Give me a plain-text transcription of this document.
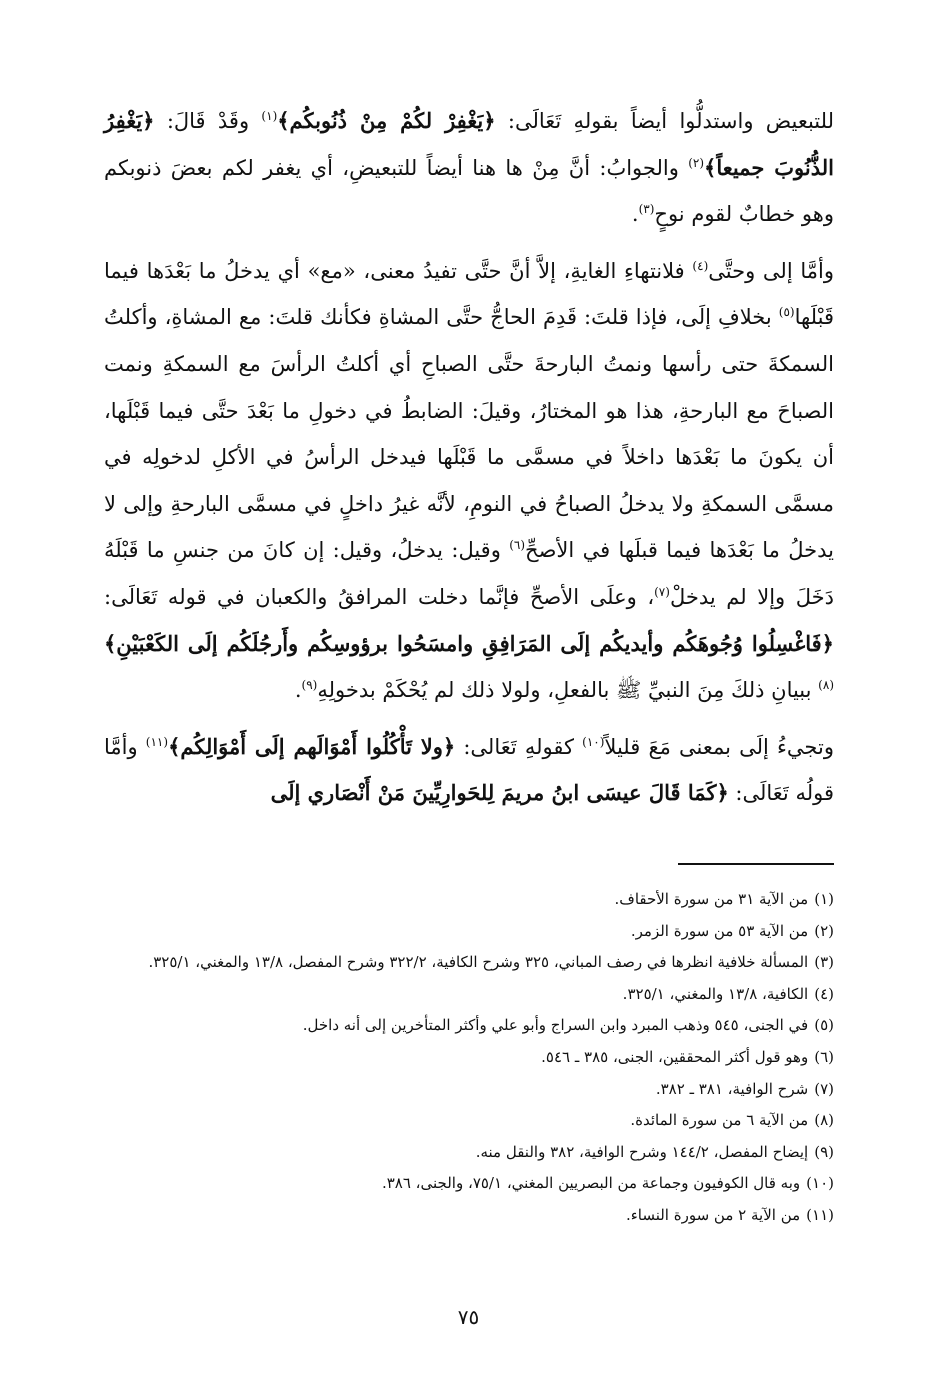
للتبعيض واستدلُّوا أيضاً بقولهِ تَعَالَى: ﴿يَغْفِرْ لكُمْ مِنْ ذُنُوبكُم﴾$^{(١)}$ وقَدْ قَالَ: ﴿يَغْفِرُ الذُّنُوبَ جميعاً﴾$^{(٢)}$ والجوابُ: أنَّ مِنْ ها هنا أيضاً للتبعيضِ، أي يغفر لكم بعضَ ذنوبكم وهو خطابٌ لقوم نوحٍ$^{(٣)}$.

وأمَّا إلى وحتَّى$^{(٤)}$ فلانتهاءِ الغايةِ، إلاَّ أنَّ حتَّى تفيدُ معنى، «مع» أي يدخلُ ما بَعْدَها فيما قَبْلَها$^{(٥)}$ بخلافِ إلَى، فإذا قلتَ: قَدِمَ الحاجُّ حتَّى المشاةِ فكأنك قلتَ: مع المشاةِ، وأكلتُ السمكةَ حتى رأسها ونمتُ البارحةَ حتَّى الصباحِ أي أكلتُ الرأسَ مع السمكةِ ونمت الصباحَ مع البارحةِ، هذا هو المختارُ، وقيلَ: الضابطُ في دخولِ ما بَعْدَ حتَّى فيما قَبْلَها، أن يكونَ ما بَعْدَها داخلاً في مسمَّى ما قَبْلَها فيدخل الرأسُ في الأكلِ لدخولِه في مسمَّى السمكةِ ولا يدخلُ الصباحُ في النومِ، لأنَّه غيرُ داخلٍ في مسمَّى البارحةِ وإلى لا يدخلُ ما بَعْدَها فيما قبلَها في الأصحِّ$^{(٦)}$ وقيل: يدخلُ، وقيل: إن كانَ من جنسِ ما قَبْلَهُ دَخَلَ وإلا لم يدخلْ$^{(٧)}$، وعلَى الأصحِّ فإنَّما دخلت المرافقُ والكعبان في قوله تَعَالَى: ﴿فَاغْسِلُوا وُجُوهَكُم وأيديكُم إلَى المَرَافِقِ وامسَحُوا برؤوسِكُم وأَرجُلَكُم إلَى الكَعْبَيْنِ﴾$^{(٨)}$ ببيانِ ذلكَ مِنَ النبيِّ ﷺ بالفعلِ، ولولا ذلك لم يُحْكَمْ بدخولِهِ$^{(٩)}$.

وتجيءُ إلَى بمعنى مَعَ قليلاً$^{(١٠)}$ كقولهِ تَعَالى: ﴿ولا تَأْكُلُوا أَمْوَالَهم إلَى أَمْوَالِكُم﴾$^{(١١)}$ وأمَّا قولُه تَعَالَى: ﴿كَمَا قَالَ عيسَى ابنُ مريمَ لِلحَوارِيِّينَ مَنْ أَنْصَاري إلَى

(١)
من الآية ٣١ من سورة الأحقاف.
(٢)
من الآية ٥٣ من سورة الزمر.
(٣)
المسألة خلافية انظرها في رصف المباني، ٣٢٥ وشرح الكافية، ٣٢٢/٢ وشرح المفصل، ١٣/٨ والمغني، ٣٢٥/١.
(٤)
الكافية، ١٣/٨ والمغني، ٣٢٥/١.
(٥)
في الجنى، ٥٤٥ وذهب المبرد وابن السراج وأبو علي وأكثر المتأخرين إلى أنه داخل.
(٦)
وهو قول أكثر المحققين، الجنى، ٣٨٥ ـ ٥٤٦.
(٧)
شرح الوافية، ٣٨١ ـ ٣٨٢.
(٨)
من الآية ٦ من سورة المائدة.
(٩)
إيضاح المفصل، ١٤٤/٢ وشرح الوافية، ٣٨٢ والنقل منه.
(١٠)
وبه قال الكوفيون وجماعة من البصريين المغني، ٧٥/١، والجنى، ٣٨٦.
(١١)
من الآية ٢ من سورة النساء.
٧٥
